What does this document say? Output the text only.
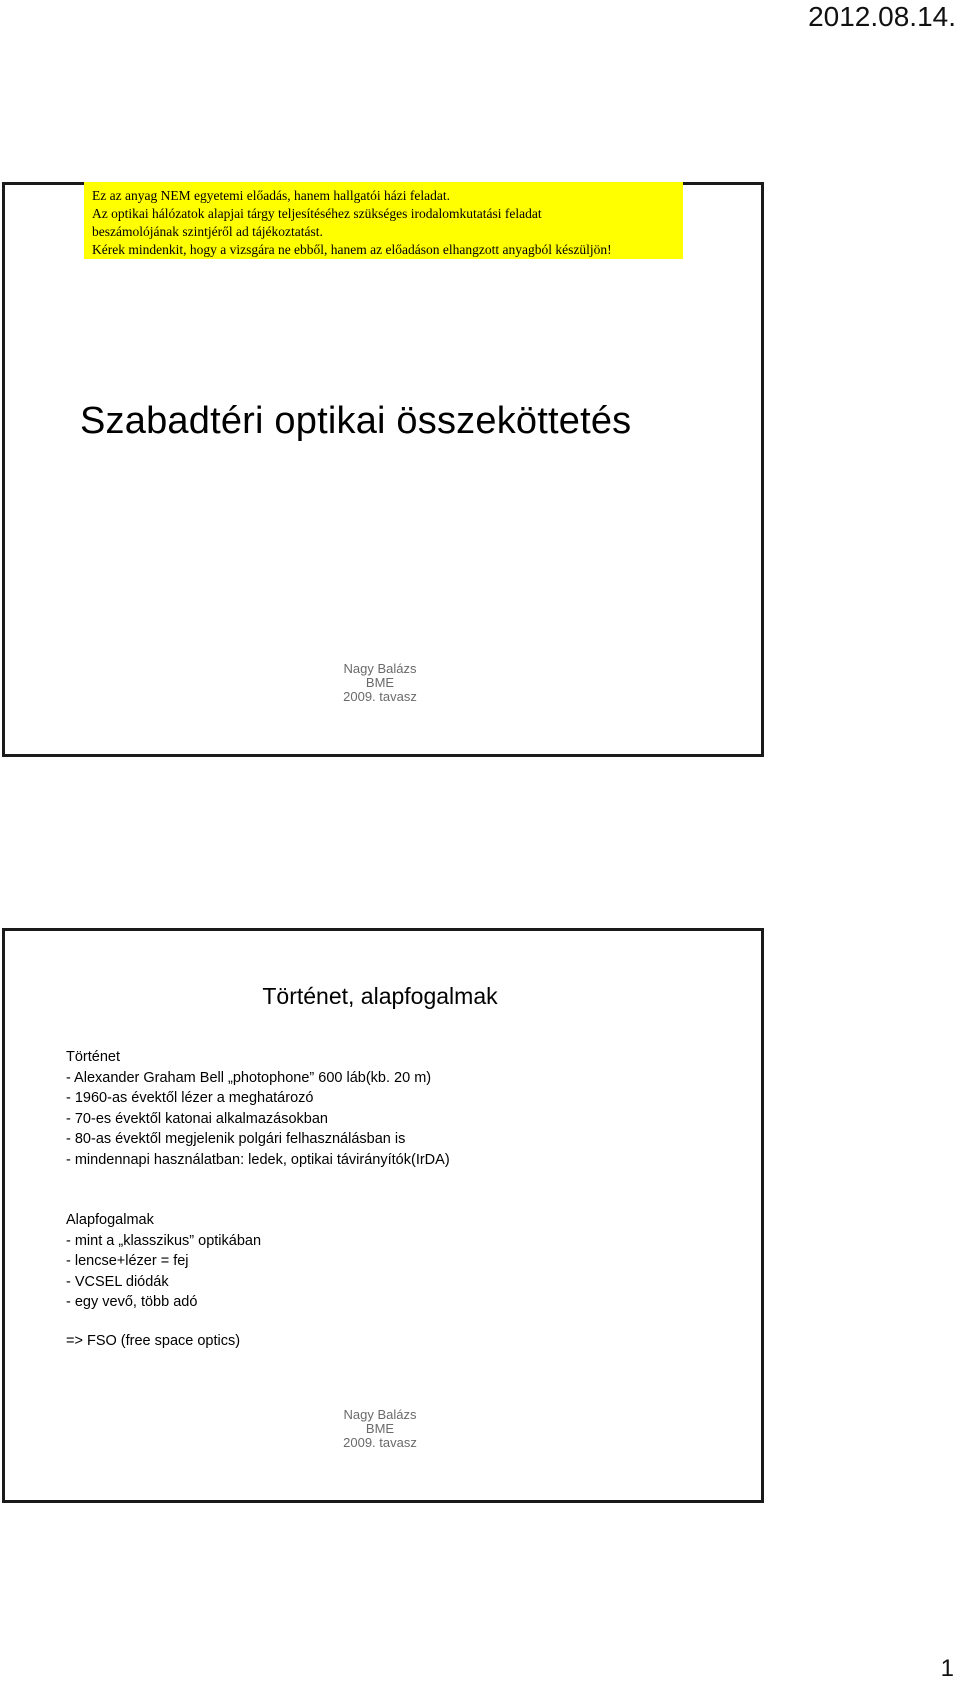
2012.08.14.
Ez az anyag NEM egyetemi előadás, hanem hallgatói házi feladat.
Az optikai hálózatok alapjai tárgy teljesítéséhez szükséges irodalomkutatási feladat
beszámolójának szintjéről ad tájékoztatást.
Kérek mindenkit, hogy a vizsgára ne ebből, hanem az előadáson elhangzott anyagból készüljön!
Szabadtéri optikai összeköttetés
Nagy Balázs
BME
2009. tavasz
Történet, alapfogalmak
Történet
- Alexander Graham Bell „photophone” 600 láb(kb. 20 m)
- 1960-as évektől lézer a meghatározó
- 70-es évektől katonai alkalmazásokban
- 80-as évektől megjelenik polgári felhasználásban is
- mindennapi használatban: ledek, optikai távirányítók(IrDA)
Alapfogalmak
- mint a „klasszikus” optikában
- lencse+lézer = fej
- VCSEL diódák
- egy vevő, több adó
=> FSO (free space optics)
Nagy Balázs
BME
2009. tavasz
1
